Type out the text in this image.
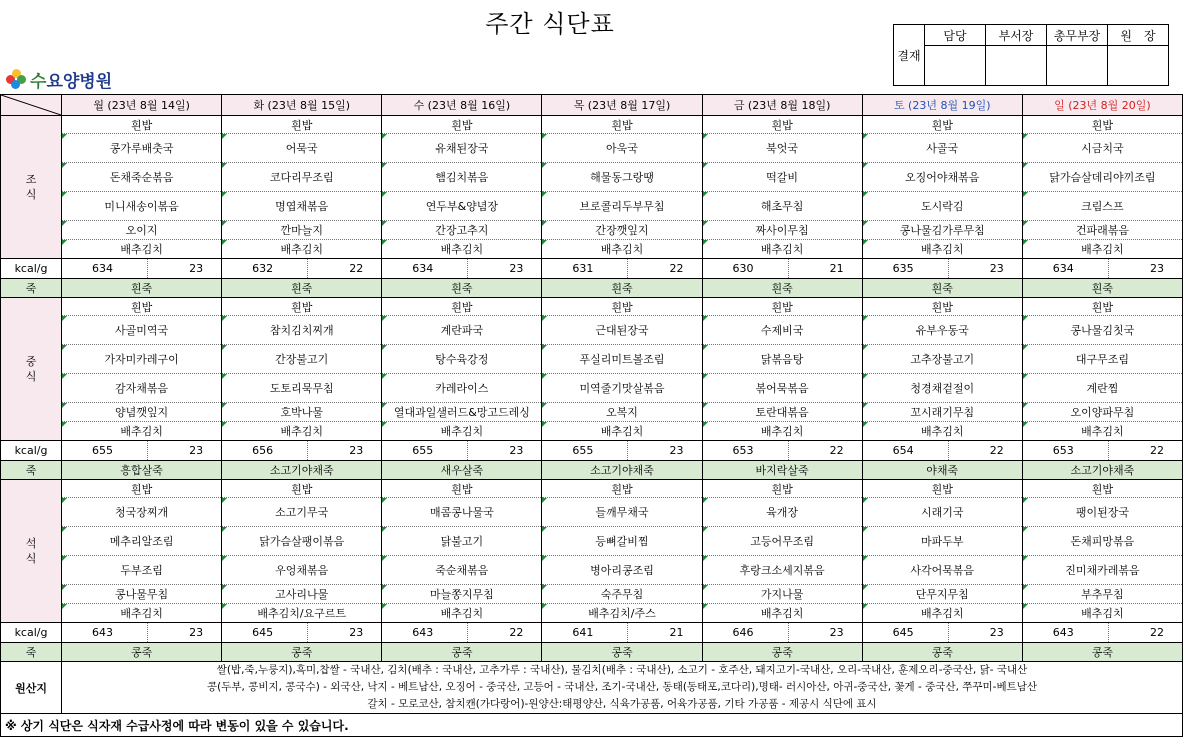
주간 식단표
수 요양병원
결재	담당	부서장	총무부장	원　장

	월 (23년 8월 14일)	화 (23년 8월 15일)	수 (23년 8월 16일)	목 (23년 8월 17일)	금 (23년 8월 18일)	토 (23년 8월 19일)	일 (23년 8월 20일)
조
식	흰밥	흰밥	흰밥	흰밥	흰밥	흰밥	흰밥
	콩가루배춧국	어묵국	유채된장국	아욱국	북엇국	사골국	시금치국
	돈채죽순볶음	코다리무조림	햄김치볶음	해물동그랑땡	떡갈비	오징어야채볶음	닭가슴살데리야끼조림
	미니새송이볶음	명엽채볶음	연두부&양념장	브로콜리두부무침	해초무침	도시락김	크림스프
	오이지	깐마늘지	간장고추지	간장깻잎지	짜사이무침	콩나물김가루무침	건파래볶음
	배추김치	배추김치	배추김치	배추김치	배추김치	배추김치	배추김치
kcal/g	634 23	632 22	634 23	631 22	630 21	635 23	634 23

죽	흰죽	흰죽	흰죽	흰죽	흰죽	흰죽	흰죽
중
식	흰밥	흰밥	흰밥	흰밥	흰밥	흰밥	흰밥
	사골미역국	참치김치찌개	계란파국	근대된장국	수제비국	유부우동국	콩나물김칫국
	가자미카레구이	간장불고기	탕수육강정	푸실리미트볼조림	닭볶음탕	고추장불고기	대구무조림
	감자채볶음	도토리묵무침	카레라이스	미역줄기맛살볶음	볶어묵볶음	청경채겉절이	계란찜
	양념깻잎지	호박나물	열대과일샐러드&망고드레싱	오복지	토란대볶음	꼬시래기무침	오이양파무침
	배추김치	배추김치	배추김치	배추김치	배추김치	배추김치	배추김치
kcal/g	655 23	656 23	655 23	655 23	653 22	654 22	653 22

죽	흥합살죽	소고기야채죽	새우살죽	소고기야채죽	바지락살죽	야채죽	소고기야채죽
석
식	흰밥	흰밥	흰밥	흰밥	흰밥	흰밥	흰밥
	청국장찌개	소고기무국	매콤콩나물국	들깨무채국	육개장	시래기국	팽이된장국
	메추리알조림	닭가슴살팽이볶음	닭불고기	등뼈갈비찜	고등어무조림	마파두부	돈채피망볶음
	두부조림	우엉채볶음	죽순채볶음	병아리콩조림	후랑크소세지볶음	사각어묵볶음	진미채카레볶음
	콩나물무침	고사리나물	마늘쫑지무침	숙주무침	가지나물	단무지무침	부추무침
	배추김치	배추김치/요구르트	배추김치	배추김치/주스	배추김치	배추김치	배추김치
kcal/g	643 23	645 23	643 22	641 21	646 23	645 23	643 22

죽	콩죽	콩죽	콩죽	콩죽	콩죽	콩죽	콩죽
원산지	쌀(밥,죽,누룽지),흑미,찹쌀 - 국내산, 김치(배추 : 국내산, 고추가루 : 국내산), 물김치(배추 : 국내산), 소고기 - 호주산, 돼지고기-국내산, 오리-국내산, 훈제오리-중국산, 닭- 국내산
콩(두부, 콩비지, 콩국수) - 외국산, 낙지 - 베트남산, 오징어 - 중국산, 고등어 - 국내산, 조기-국내산, 동태(동태포,코다리),명태- 러시아산, 아귀-중국산, 꽃게 - 중국산, 쭈꾸미-베트남산
갈치 - 모로코산, 참치캔(가다랑어)-원양산:태평양산, 식육가공품, 어육가공품, 기타 가공품 - 제공시 식단에 표시						

※ 상기 식단은 식자재 수급사정에 따라 변동이 있을 수 있습니다.							
